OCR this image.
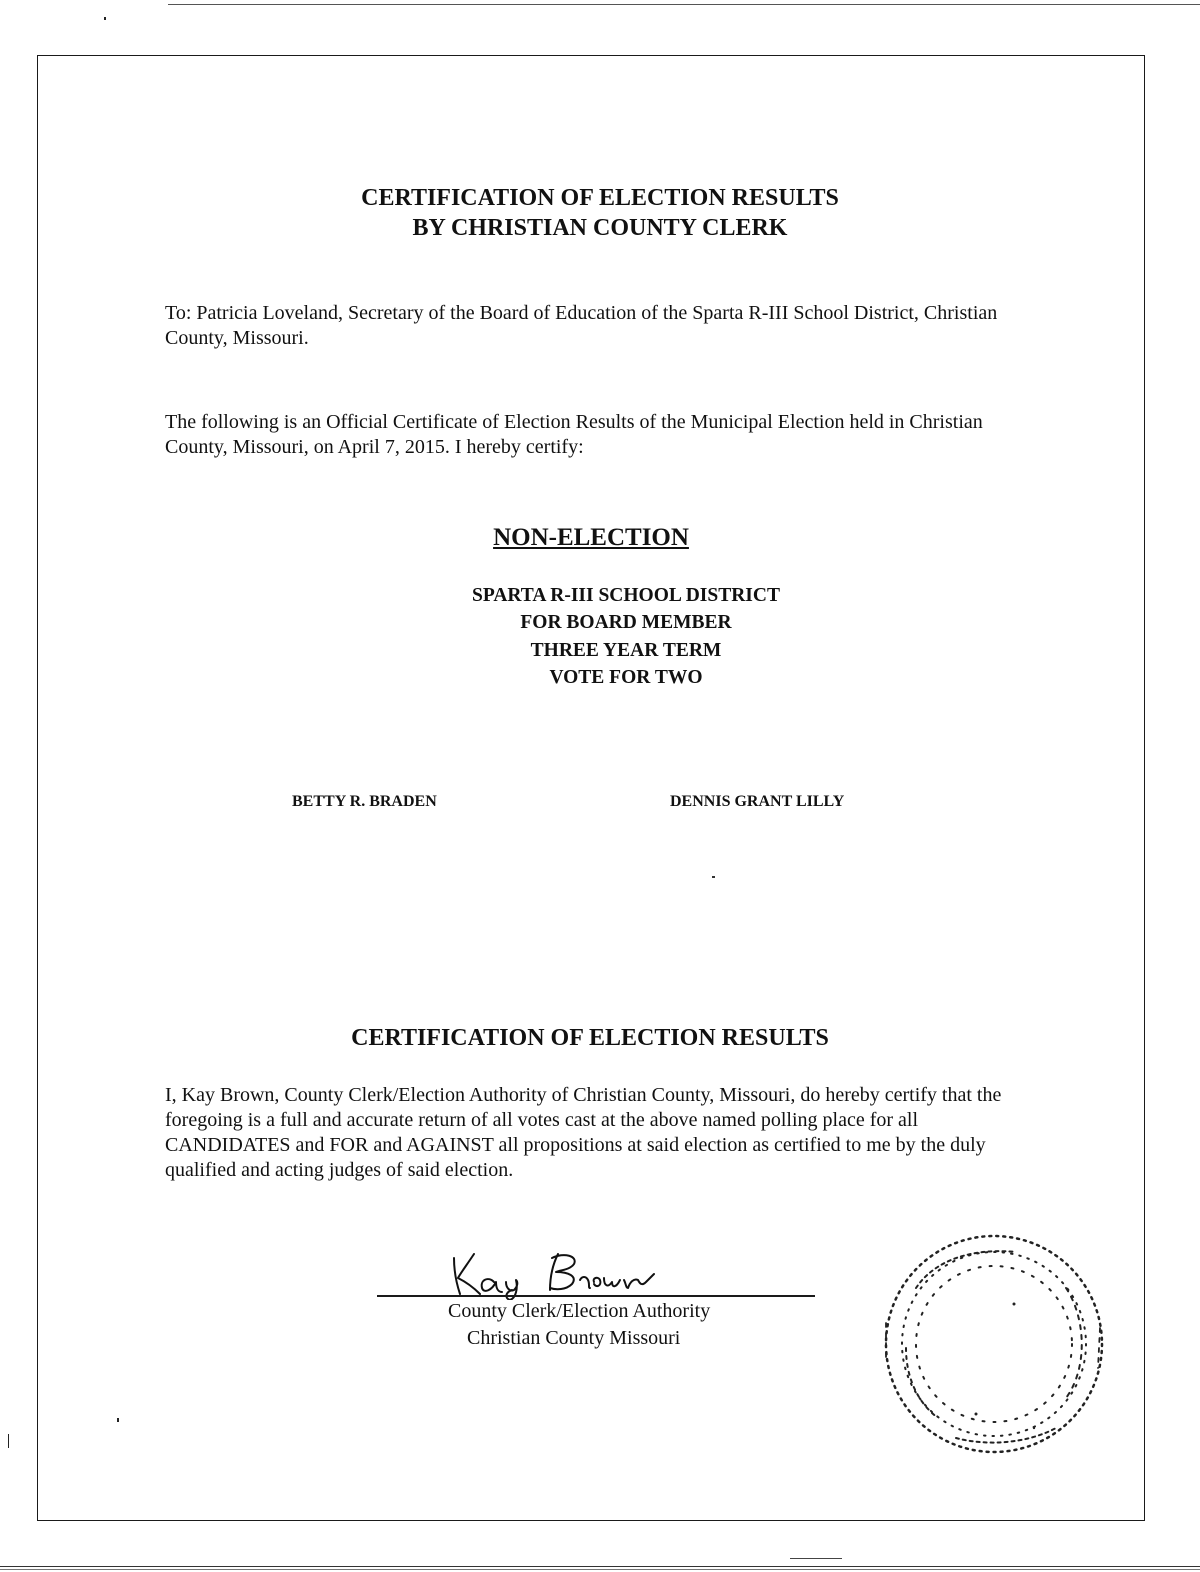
CERTIFICATION OF ELECTION RESULTS
BY CHRISTIAN COUNTY CLERK
To: Patricia Loveland, Secretary of the Board of Education of the Sparta R-III School District, Christian County, Missouri.
The following is an Official Certificate of Election Results of the Municipal Election held in Christian County, Missouri, on April 7, 2015. I hereby certify:
NON-ELECTION
SPARTA R-III SCHOOL DISTRICT
FOR BOARD MEMBER
THREE YEAR TERM
VOTE FOR TWO
BETTY R. BRADEN	DENNIS GRANT LILLY
CERTIFICATION OF ELECTION RESULTS
I, Kay Brown, County Clerk/Election Authority of Christian County, Missouri, do hereby certify that the foregoing is a full and accurate return of all votes cast at the above named polling place for all CANDIDATES and FOR and AGAINST all propositions at said election as certified to me by the duly qualified and acting judges of said election.
County Clerk/Election Authority
Christian County Missouri
